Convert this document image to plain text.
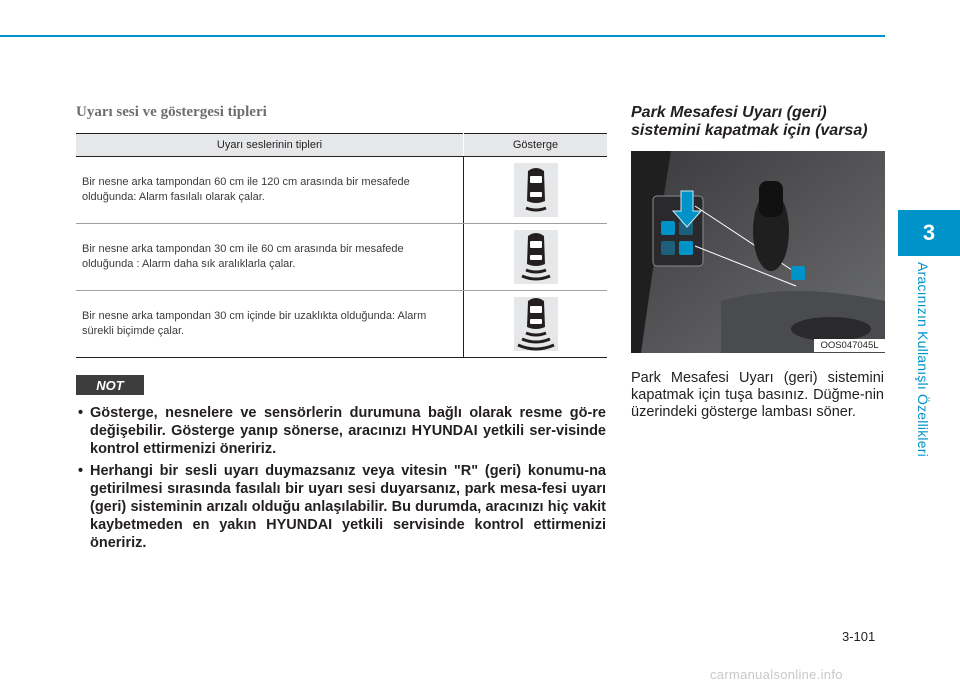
3
Aracınızın Kullanışlı Özellikleri
Uyarı sesi ve göstergesi tipleri
Uyarı seslerinin tipleri	Gösterge
Bir nesne arka tampondan 60 cm ile 120 cm arasında bir mesafede olduğunda: Alarm fasılalı olarak çalar.	

Bir nesne arka tampondan 30 cm ile 60 cm arasında bir mesafede olduğunda : Alarm daha sık aralıklarla çalar.	

Bir nesne arka tampondan 30 cm içinde bir uzaklıkta olduğunda: Alarm sürekli biçimde çalar.	
NOT
• Gösterge, nesnelere ve sensörlerin durumuna bağlı olarak resme gö-re değişebilir. Gösterge yanıp sönerse, aracınızı HYUNDAI yetkili ser-visinde kontrol ettirmenizi öneririz.
• Herhangi bir sesli uyarı duymazsanız veya vitesin "R" (geri) konumu-na getirilmesi sırasında fasılalı bir uyarı sesi duyarsanız, park mesa-fesi uyarı (geri) sisteminin arızalı olduğu anlaşılabilir. Bu durumda, aracınızı hiç vakit kaybetmeden en yakın HYUNDAI yetkili servisinde kontrol ettirmenizi öneririz.
Park Mesafesi Uyarı (geri) sistemini kapatmak için (varsa)
OOS047045L
Park Mesafesi Uyarı (geri) sistemini kapatmak için tuşa basınız. Düğme-nin üzerindeki gösterge lambası söner.
3-101
carmanualsonline.info
